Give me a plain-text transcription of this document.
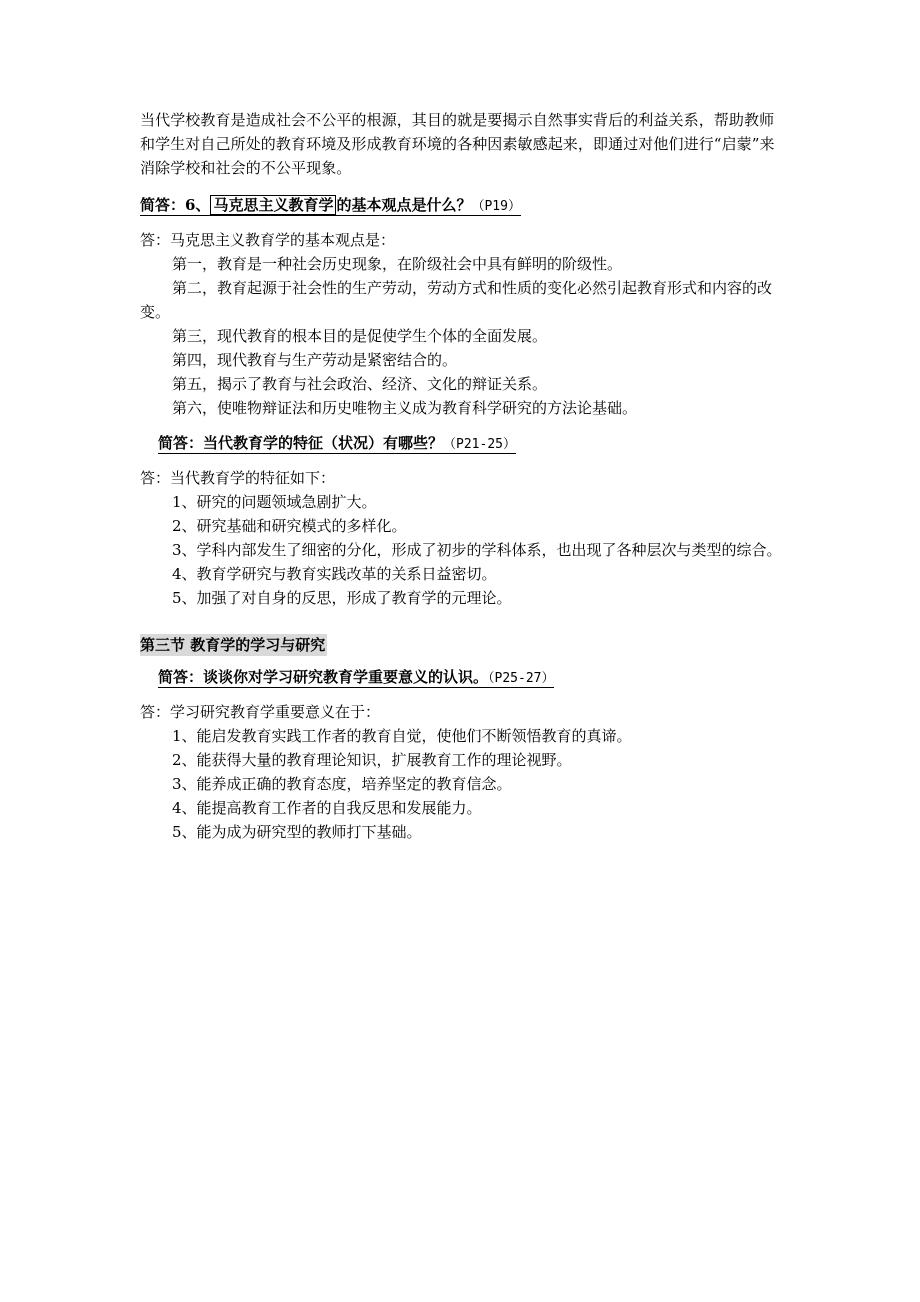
当代学校教育是造成社会不公平的根源，其目的就是要揭示自然事实背后的利益关系，帮助教师和学生对自己所处的教育环境及形成教育环境的各种因素敏感起来，即通过对他们进行“启蒙”来消除学校和社会的不公平现象。

简答：6、 马克思主义教育学 的基本观点是什么？（P19）

答：马克思主义教育学的基本观点是：

第一，教育是一种社会历史现象，在阶级社会中具有鲜明的阶级性。

第二，教育起源于社会性的生产劳动，劳动方式和性质的变化必然引起教育形式和内容的改变。

第三，现代教育的根本目的是促使学生个体的全面发展。

第四，现代教育与生产劳动是紧密结合的。

第五，揭示了教育与社会政治、经济、文化的辩证关系。

第六，使唯物辩证法和历史唯物主义成为教育科学研究的方法论基础。

简答：当代教育学的特征（状况）有哪些？（P21-25）

答：当代教育学的特征如下：

1、研究的问题领域急剧扩大。

2、研究基础和研究模式的多样化。

3、学科内部发生了细密的分化，形成了初步的学科体系，也出现了各种层次与类型的综合。

4、教育学研究与教育实践改革的关系日益密切。

5、加强了对自身的反思，形成了教育学的元理论。

第三节 教育学的学习与研究

简答：谈谈你对学习研究教育学重要意义的认识。（P25-27）

答：学习研究教育学重要意义在于：

1、能启发教育实践工作者的教育自觉，使他们不断领悟教育的真谛。

2、能获得大量的教育理论知识，扩展教育工作的理论视野。

3、能养成正确的教育态度，培养坚定的教育信念。

4、能提高教育工作者的自我反思和发展能力。

5、能为成为研究型的教师打下基础。
